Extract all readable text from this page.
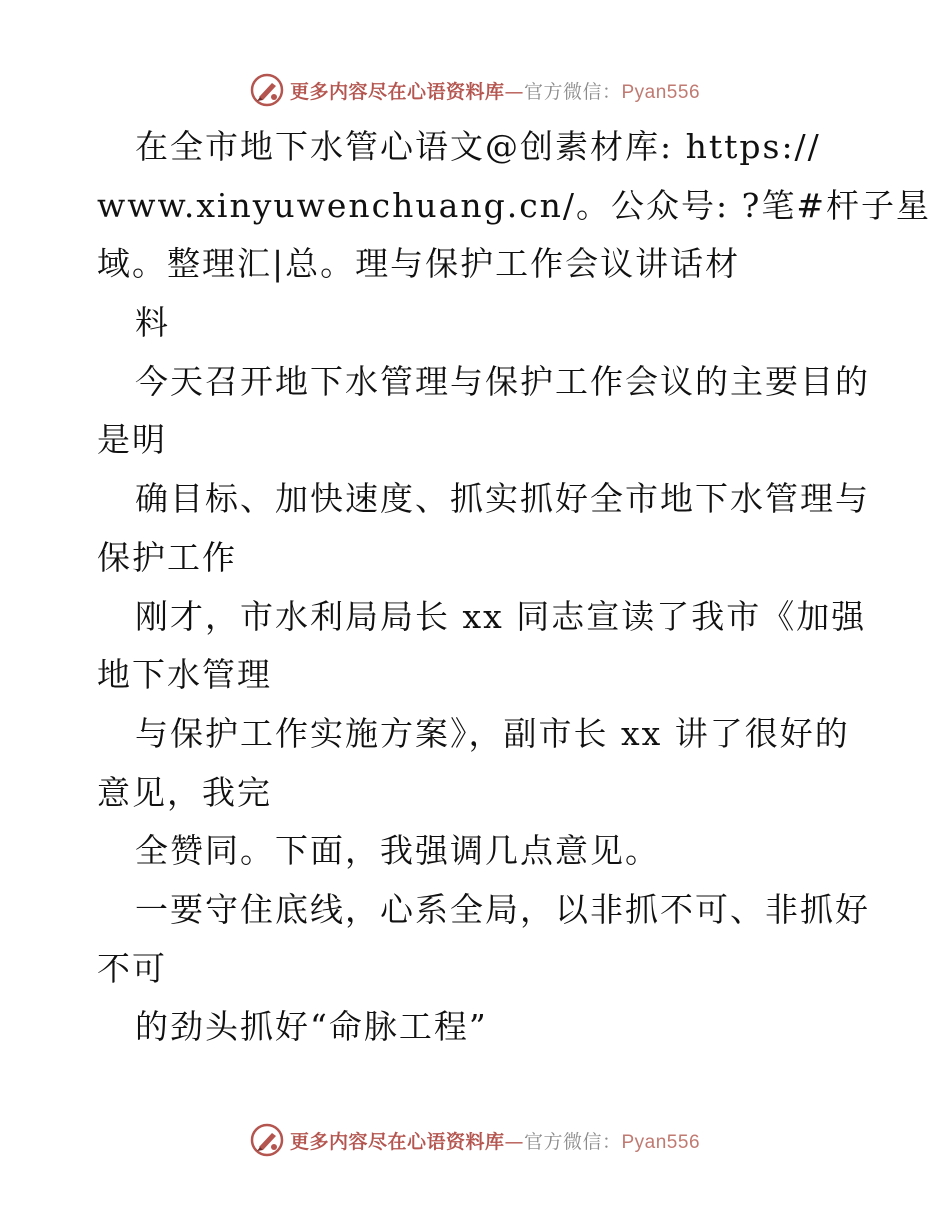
更多内容尽在心语资料库—官方微信：Pyan556
在全市地下水管心语文@创素材库: https://
www.xinyuwenchuang.cn/。公众号: ?笔#杆子星
域。整理汇|总。理与保护工作会议讲话材
料
今天召开地下水管理与保护工作会议的主要目的
是明
确目标、加快速度、抓实抓好全市地下水管理与
保护工作
刚才，市水利局局长 xx 同志宣读了我市《加强
地下水管理
与保护工作实施方案》，副市长 xx 讲了很好的
意见，我完
全赞同。下面，我强调几点意见。
一要守住底线，心系全局，以非抓不可、非抓好
不可
的劲头抓好“命脉工程”
更多内容尽在心语资料库—官方微信：Pyan556
